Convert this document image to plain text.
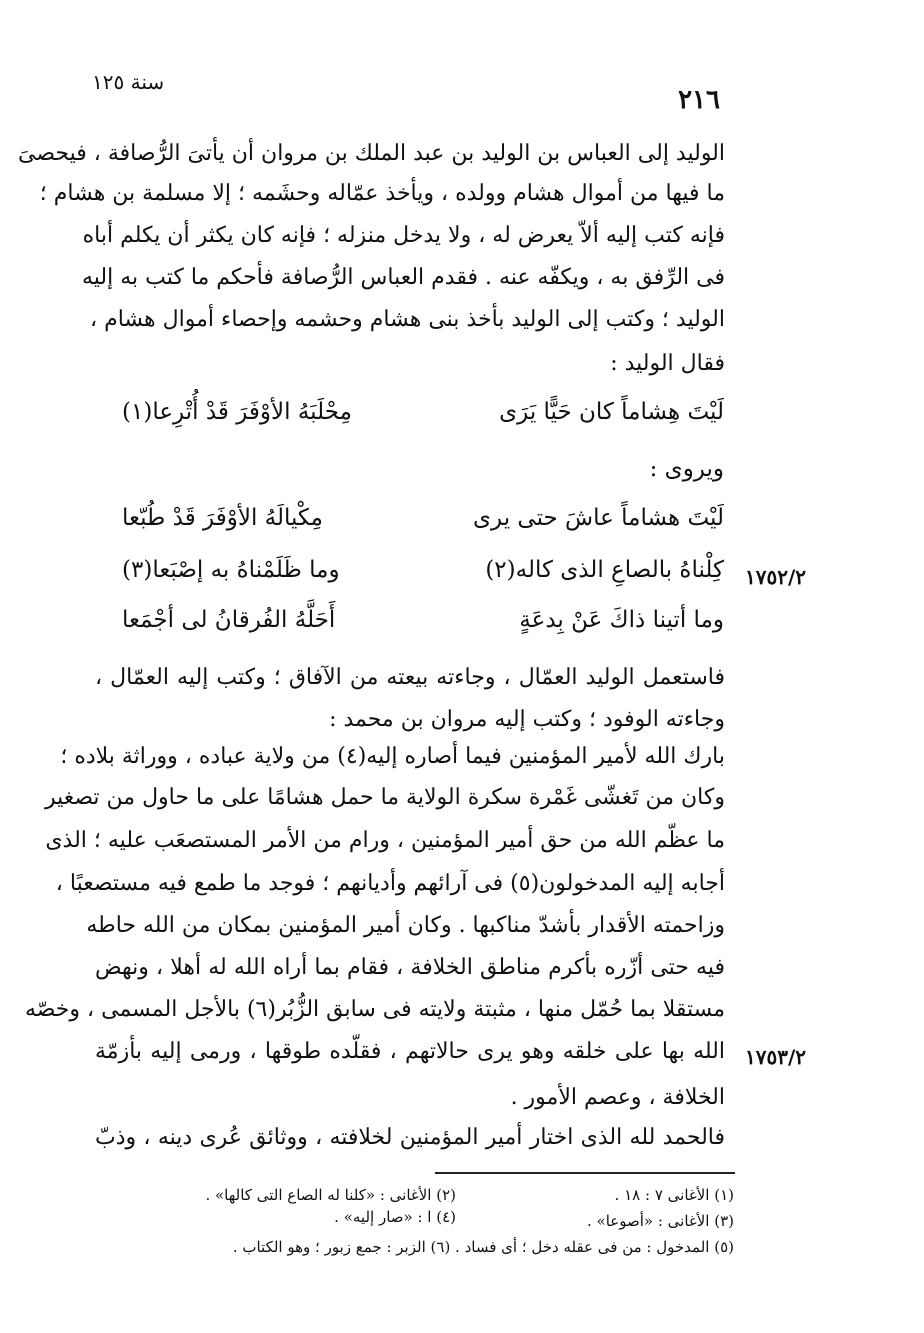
٢١٦
سنة ١٢٥
الوليد إلى العباس بن الوليد بن عبد الملك بن مروان أن يأتىَ الرُّصافة ، فيحصىَ
ما فيها من أموال هشام وولده ، ويأخذ عمّاله وحشَمه ؛ إلا مسلمة بن هشام ؛
فإنه كتب إليه ألاّ يعرض له ، ولا يدخل منزله ؛ فإنه كان يكثر أن يكلم أباه
فى الرِّفق به ، ويكفّه عنه . فقدم العباس الرُّصافة فأحكم ما كتب به إليه
الوليد ؛ وكتب إلى الوليد بأخذ بنى هشام وحشمه وإحصاء أموال هشام ،
فقال الوليد :
لَيْتَ هِشاماً كان حَيًّا يَرَى
مِحْلَبَهُ الأوْفَرَ قَدْ أُتْرِعا(١)
ويروى :
لَيْتَ هشاماً عاشَ حتى يرى
مِكْيالَهُ الأوْفَرَ قَدْ طُبّعا
كِلْناهُ بالصاعِ الذى كاله(٢)
وما ظَلَمْناهُ به إصْبَعا(٣)
وما أتينا ذاكَ عَنْ بِدعَةٍ
أَحَلَّهُ الفُرقانُ لى أجْمَعا
١٧٥٢/٢
١٧٥٣/٢
فاستعمل الوليد العمّال ، وجاءته بيعته من الآفاق ؛ وكتب إليه العمّال ،
وجاءته الوفود ؛ وكتب إليه مروان بن محمد :
بارك الله لأمير المؤمنين فيما أصاره إليه(٤) من ولاية عباده ، ووراثة بلاده ؛
وكان من تَغشّى غَمْرة سكرة الولاية ما حمل هشامًا على ما حاول من تصغير
ما عظّم الله من حق أمير المؤمنين ، ورام من الأمر المستصعَب عليه ؛ الذى
أجابه إليه المدخولون(٥) فى آرائهم وأديانهم ؛ فوجد ما طمع فيه مستصعبًا ،
وزاحمته الأقدار بأشدّ مناكبها . وكان أمير المؤمنين بمكان من الله حاطه
فيه حتى أزّره بأكرم مناطق الخلافة ، فقام بما أراه الله له أهلا ، ونهض
مستقلا بما حُمّل منها ، مثبتة ولايته فى سابق الزُّبُر(٦) بالأجل المسمى ، وخصّه
الله بها على خلقه وهو يرى حالاتهم ، فقلّده طوقها ، ورمى إليه بأزمّة
الخلافة ، وعصم الأمور .
فالحمد لله الذى اختار أمير المؤمنين لخلافته ، ووثائق عُرى دينه ، وذبّ
(١) الأغانى ٧ : ١٨ .
(٢) الأغانى : «كلنا له الصاع التى كالها» .
(٣) الأغانى : «أصوعا» .
(٤) ا : «صار إليه» .
(٥) المدخول : من فى عقله دخل ؛ أى فساد . (٦) الزبر : جمع زبور ؛ وهو الكتاب .
